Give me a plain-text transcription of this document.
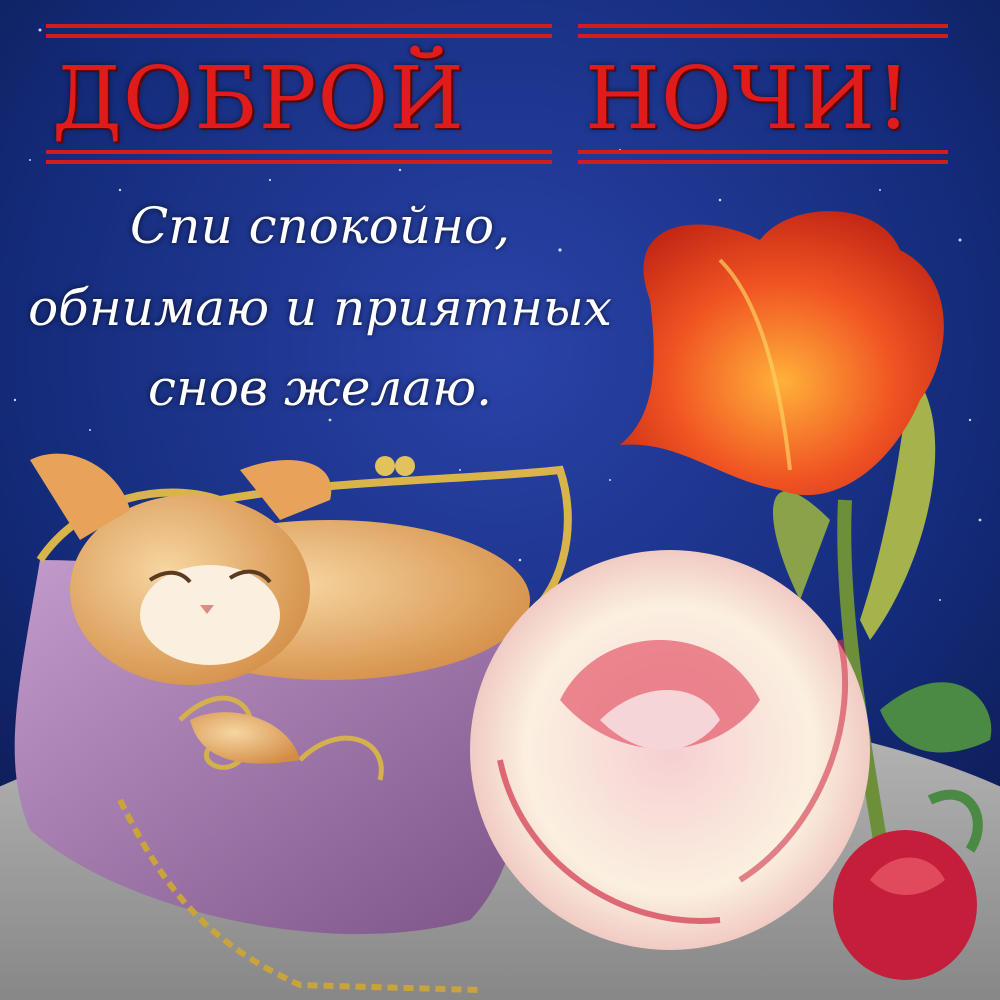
ДОБРОЙ	НОЧИ!
Спи спокойно,
обнимаю и приятных
снов желаю.
